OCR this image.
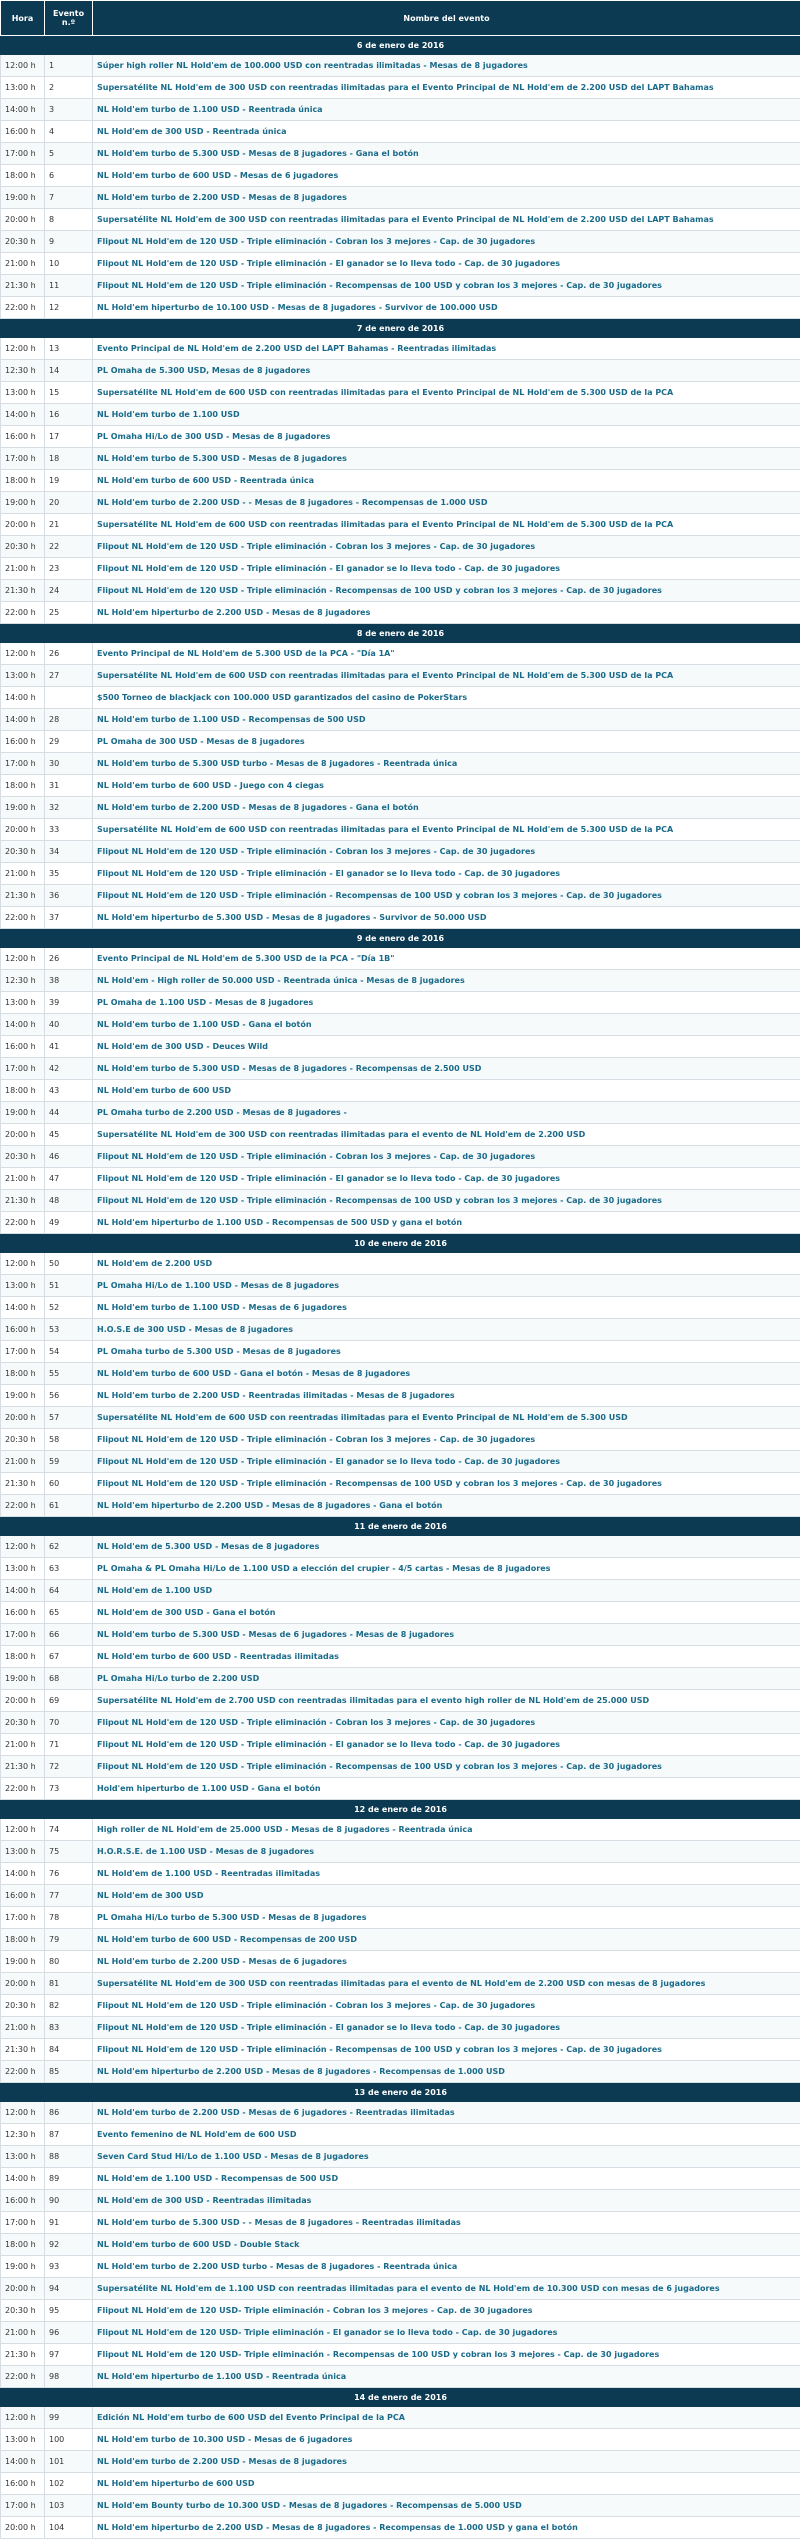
Hora	Evento n.º	Nombre del evento
6 de enero de 2016		
12:00 h	1	Súper high roller NL Hold'em de 100.000 USD con reentradas ilimitadas - Mesas de 8 jugadores
13:00 h	2	Supersatélite NL Hold'em de 300 USD con reentradas ilimitadas para el Evento Principal de NL Hold'em de 2.200 USD del LAPT Bahamas
14:00 h	3	NL Hold'em turbo de 1.100 USD - Reentrada única
16:00 h	4	NL Hold'em de 300 USD - Reentrada única
17:00 h	5	NL Hold'em turbo de 5.300 USD - Mesas de 8 jugadores - Gana el botón
18:00 h	6	NL Hold'em turbo de 600 USD - Mesas de 6 jugadores
19:00 h	7	NL Hold'em turbo de 2.200 USD - Mesas de 8 jugadores
20:00 h	8	Supersatélite NL Hold'em de 300 USD con reentradas ilimitadas para el Evento Principal de NL Hold'em de 2.200 USD del LAPT Bahamas
20:30 h	9	Flipout NL Hold'em de 120 USD - Triple eliminación - Cobran los 3 mejores - Cap. de 30 jugadores
21:00 h	10	Flipout NL Hold'em de 120 USD - Triple eliminación - El ganador se lo lleva todo - Cap. de 30 jugadores
21:30 h	11	Flipout NL Hold'em de 120 USD - Triple eliminación - Recompensas de 100 USD y cobran los 3 mejores - Cap. de 30 jugadores
22:00 h	12	NL Hold'em hiperturbo de 10.100 USD - Mesas de 8 jugadores - Survivor de 100.000 USD
7 de enero de 2016		
12:00 h	13	Evento Principal de NL Hold'em de 2.200 USD del LAPT Bahamas - Reentradas ilimitadas
12:30 h	14	PL Omaha de 5.300 USD, Mesas de 8 jugadores
13:00 h	15	Supersatélite NL Hold'em de 600 USD con reentradas ilimitadas para el Evento Principal de NL Hold'em de 5.300 USD de la PCA
14:00 h	16	NL Hold'em turbo de 1.100 USD
16:00 h	17	PL Omaha Hi/Lo de 300 USD - Mesas de 8 jugadores
17:00 h	18	NL Hold'em turbo de 5.300 USD - Mesas de 8 jugadores
18:00 h	19	NL Hold'em turbo de 600 USD - Reentrada única
19:00 h	20	NL Hold'em turbo de 2.200 USD - - Mesas de 8 jugadores - Recompensas de 1.000 USD
20:00 h	21	Supersatélite NL Hold'em de 600 USD con reentradas ilimitadas para el Evento Principal de NL Hold'em de 5.300 USD de la PCA
20:30 h	22	Flipout NL Hold'em de 120 USD - Triple eliminación - Cobran los 3 mejores - Cap. de 30 jugadores
21:00 h	23	Flipout NL Hold'em de 120 USD - Triple eliminación - El ganador se lo lleva todo - Cap. de 30 jugadores
21:30 h	24	Flipout NL Hold'em de 120 USD - Triple eliminación - Recompensas de 100 USD y cobran los 3 mejores - Cap. de 30 jugadores
22:00 h	25	NL Hold'em hiperturbo de 2.200 USD - Mesas de 8 jugadores
8 de enero de 2016		
12:00 h	26	Evento Principal de NL Hold'em de 5.300 USD de la PCA - "Día 1A"
13:00 h	27	Supersatélite NL Hold'em de 600 USD con reentradas ilimitadas para el Evento Principal de NL Hold'em de 5.300 USD de la PCA
14:00 h		$500 Torneo de blackjack con 100.000 USD garantizados del casino de PokerStars
14:00 h	28	NL Hold'em turbo de 1.100 USD - Recompensas de 500 USD
16:00 h	29	PL Omaha de 300 USD - Mesas de 8 jugadores
17:00 h	30	NL Hold'em turbo de 5.300 USD turbo - Mesas de 8 jugadores - Reentrada única
18:00 h	31	NL Hold'em turbo de 600 USD - Juego con 4 ciegas
19:00 h	32	NL Hold'em turbo de 2.200 USD - Mesas de 8 jugadores - Gana el botón
20:00 h	33	Supersatélite NL Hold'em de 600 USD con reentradas ilimitadas para el Evento Principal de NL Hold'em de 5.300 USD de la PCA
20:30 h	34	Flipout NL Hold'em de 120 USD - Triple eliminación - Cobran los 3 mejores - Cap. de 30 jugadores
21:00 h	35	Flipout NL Hold'em de 120 USD - Triple eliminación - El ganador se lo lleva todo - Cap. de 30 jugadores
21:30 h	36	Flipout NL Hold'em de 120 USD - Triple eliminación - Recompensas de 100 USD y cobran los 3 mejores - Cap. de 30 jugadores
22:00 h	37	NL Hold'em hiperturbo de 5.300 USD - Mesas de 8 jugadores - Survivor de 50.000 USD
9 de enero de 2016		
12:00 h	26	Evento Principal de NL Hold'em de 5.300 USD de la PCA - "Día 1B"
12:30 h	38	NL Hold'em - High roller de 50.000 USD - Reentrada única - Mesas de 8 jugadores
13:00 h	39	PL Omaha de 1.100 USD - Mesas de 8 jugadores
14:00 h	40	NL Hold'em turbo de 1.100 USD - Gana el botón
16:00 h	41	NL Hold'em de 300 USD - Deuces Wild
17:00 h	42	NL Hold'em turbo de 5.300 USD - Mesas de 8 jugadores - Recompensas de 2.500 USD
18:00 h	43	NL Hold'em turbo de 600 USD
19:00 h	44	PL Omaha turbo de 2.200 USD - Mesas de 8 jugadores -
20:00 h	45	Supersatélite NL Hold'em de 300 USD con reentradas ilimitadas para el evento de NL Hold'em de 2.200 USD
20:30 h	46	Flipout NL Hold'em de 120 USD - Triple eliminación - Cobran los 3 mejores - Cap. de 30 jugadores
21:00 h	47	Flipout NL Hold'em de 120 USD - Triple eliminación - El ganador se lo lleva todo - Cap. de 30 jugadores
21:30 h	48	Flipout NL Hold'em de 120 USD - Triple eliminación - Recompensas de 100 USD y cobran los 3 mejores - Cap. de 30 jugadores
22:00 h	49	NL Hold'em hiperturbo de 1.100 USD - Recompensas de 500 USD y gana el botón
10 de enero de 2016		
12:00 h	50	NL Hold'em de 2.200 USD
13:00 h	51	PL Omaha Hi/Lo de 1.100 USD - Mesas de 8 jugadores
14:00 h	52	NL Hold'em turbo de 1.100 USD - Mesas de 6 jugadores
16:00 h	53	H.O.S.E de 300 USD - Mesas de 8 jugadores
17:00 h	54	PL Omaha turbo de 5.300 USD - Mesas de 8 jugadores
18:00 h	55	NL Hold'em turbo de 600 USD - Gana el botón - Mesas de 8 jugadores
19:00 h	56	NL Hold'em turbo de 2.200 USD - Reentradas ilimitadas - Mesas de 8 jugadores
20:00 h	57	Supersatélite NL Hold'em de 600 USD con reentradas ilimitadas para el Evento Principal de NL Hold'em de 5.300 USD
20:30 h	58	Flipout NL Hold'em de 120 USD - Triple eliminación - Cobran los 3 mejores - Cap. de 30 jugadores
21:00 h	59	Flipout NL Hold'em de 120 USD - Triple eliminación - El ganador se lo lleva todo - Cap. de 30 jugadores
21:30 h	60	Flipout NL Hold'em de 120 USD - Triple eliminación - Recompensas de 100 USD y cobran los 3 mejores - Cap. de 30 jugadores
22:00 h	61	NL Hold'em hiperturbo de 2.200 USD - Mesas de 8 jugadores - Gana el botón
11 de enero de 2016		
12:00 h	62	NL Hold'em de 5.300 USD - Mesas de 8 jugadores
13:00 h	63	PL Omaha & PL Omaha Hi/Lo de 1.100 USD a elección del crupier - 4/5 cartas - Mesas de 8 jugadores
14:00 h	64	NL Hold'em de 1.100 USD
16:00 h	65	NL Hold'em de 300 USD - Gana el botón
17:00 h	66	NL Hold'em turbo de 5.300 USD - Mesas de 6 jugadores - Mesas de 8 jugadores
18:00 h	67	NL Hold'em turbo de 600 USD - Reentradas ilimitadas
19:00 h	68	PL Omaha Hi/Lo turbo de 2.200 USD
20:00 h	69	Supersatélite NL Hold'em de 2.700 USD con reentradas ilimitadas para el evento high roller de NL Hold'em de 25.000 USD
20:30 h	70	Flipout NL Hold'em de 120 USD - Triple eliminación - Cobran los 3 mejores - Cap. de 30 jugadores
21:00 h	71	Flipout NL Hold'em de 120 USD - Triple eliminación - El ganador se lo lleva todo - Cap. de 30 jugadores
21:30 h	72	Flipout NL Hold'em de 120 USD - Triple eliminación - Recompensas de 100 USD y cobran los 3 mejores - Cap. de 30 jugadores
22:00 h	73	Hold'em hiperturbo de 1.100 USD - Gana el botón
12 de enero de 2016		
12:00 h	74	High roller de NL Hold'em de 25.000 USD - Mesas de 8 jugadores - Reentrada única
13:00 h	75	H.O.R.S.E. de 1.100 USD - Mesas de 8 jugadores
14:00 h	76	NL Hold'em de 1.100 USD - Reentradas ilimitadas
16:00 h	77	NL Hold'em de 300 USD
17:00 h	78	PL Omaha Hi/Lo turbo de 5.300 USD - Mesas de 8 jugadores
18:00 h	79	NL Hold'em turbo de 600 USD - Recompensas de 200 USD
19:00 h	80	NL Hold'em turbo de 2.200 USD - Mesas de 6 jugadores
20:00 h	81	Supersatélite NL Hold'em de 300 USD con reentradas ilimitadas para el evento de NL Hold'em de 2.200 USD con mesas de 8 jugadores
20:30 h	82	Flipout NL Hold'em de 120 USD - Triple eliminación - Cobran los 3 mejores - Cap. de 30 jugadores
21:00 h	83	Flipout NL Hold'em de 120 USD - Triple eliminación - El ganador se lo lleva todo - Cap. de 30 jugadores
21:30 h	84	Flipout NL Hold'em de 120 USD - Triple eliminación - Recompensas de 100 USD y cobran los 3 mejores - Cap. de 30 jugadores
22:00 h	85	NL Hold'em hiperturbo de 2.200 USD - Mesas de 8 jugadores - Recompensas de 1.000 USD
13 de enero de 2016		
12:00 h	86	NL Hold'em turbo de 2.200 USD - Mesas de 6 jugadores - Reentradas ilimitadas
12:30 h	87	Evento femenino de NL Hold'em de 600 USD
13:00 h	88	Seven Card Stud Hi/Lo de 1.100 USD - Mesas de 8 jugadores
14:00 h	89	NL Hold'em de 1.100 USD - Recompensas de 500 USD
16:00 h	90	NL Hold'em de 300 USD - Reentradas ilimitadas
17:00 h	91	NL Hold'em turbo de 5.300 USD - - Mesas de 8 jugadores - Reentradas ilimitadas
18:00 h	92	NL Hold'em turbo de 600 USD - Double Stack
19:00 h	93	NL Hold'em turbo de 2.200 USD turbo - Mesas de 8 jugadores - Reentrada única
20:00 h	94	Supersatélite NL Hold'em de 1.100 USD con reentradas ilimitadas para el evento de NL Hold'em de 10.300 USD con mesas de 6 jugadores
20:30 h	95	Flipout NL Hold'em de 120 USD- Triple eliminación - Cobran los 3 mejores - Cap. de 30 jugadores
21:00 h	96	Flipout NL Hold'em de 120 USD- Triple eliminación - El ganador se lo lleva todo - Cap. de 30 jugadores
21:30 h	97	Flipout NL Hold'em de 120 USD- Triple eliminación - Recompensas de 100 USD y cobran los 3 mejores - Cap. de 30 jugadores
22:00 h	98	NL Hold'em hiperturbo de 1.100 USD - Reentrada única
14 de enero de 2016		
12:00 h	99	Edición NL Hold'em turbo de 600 USD del Evento Principal de la PCA
13:00 h	100	NL Hold'em turbo de 10.300 USD - Mesas de 6 jugadores
14:00 h	101	NL Hold'em turbo de 2.200 USD - Mesas de 8 jugadores
16:00 h	102	NL Hold'em hiperturbo de 600 USD
17:00 h	103	NL Hold'em Bounty turbo de 10.300 USD - Mesas de 8 jugadores - Recompensas de 5.000 USD
20:00 h	104	NL Hold'em hiperturbo de 2.200 USD - Mesas de 8 jugadores - Recompensas de 1.000 USD y gana el botón
